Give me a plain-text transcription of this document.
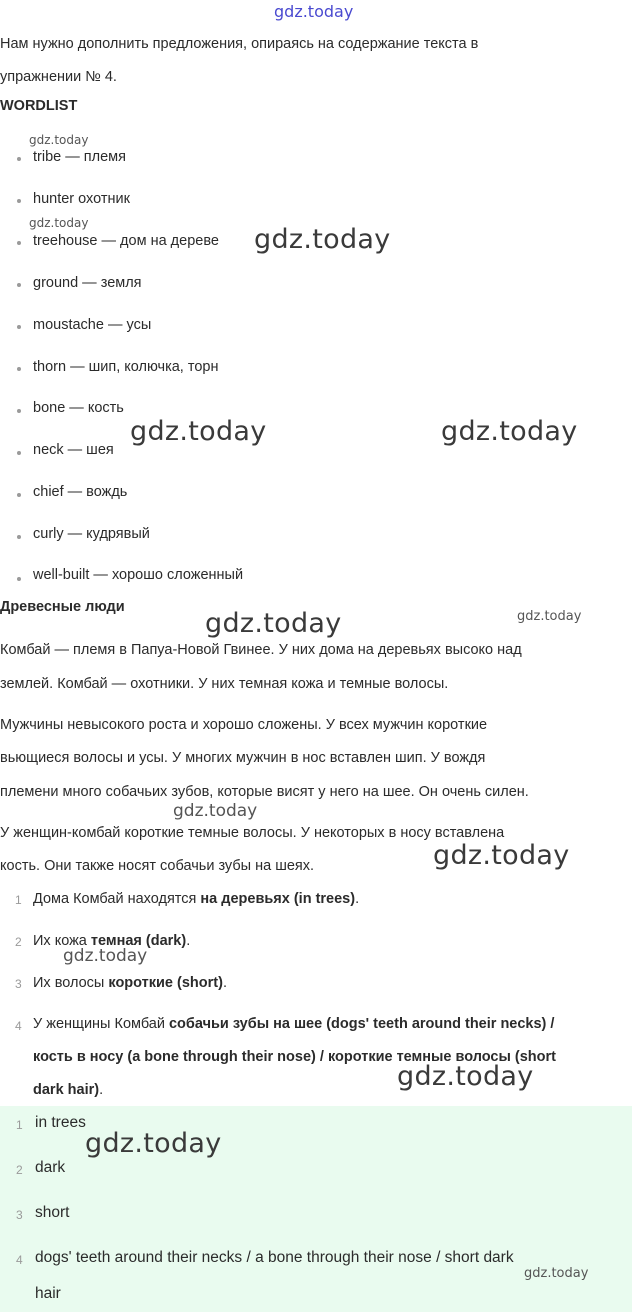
gdz.today
Нам нужно дополнить предложения, опираясь на содержание текста в
упражнении № 4.
WORDLIST
gdz.today
tribe — племя
hunter охотник
gdz.today
treehouse — дом на дереве
ground — земля
moustache — усы
thorn — шип, колючка, торн
bone — кость
neck — шея
chief — вождь
curly — кудрявый
well-built — хорошо сложенный
gdz.today
gdz.today	gdz.today
Древесные люди
gdz.today
gdz.today
Комбай — племя в Папуа-Новой Гвинее. У них дома на деревьях высоко над
землей. Комбай — охотники. У них темная кожа и темные волосы.
Мужчины невысокого роста и хорошо сложены. У всех мужчин короткие
вьющиеся волосы и усы. У многих мужчин в нос вставлен шип. У вождя
племени много собачьих зубов, которые висят у него на шее. Он очень силен.
gdz.today
У женщин-комбай короткие темные волосы. У некоторых в носу вставлена
кость. Они также носят собачьи зубы на шеях.	gdz.today
1 Дома Комбай находятся на деревьях (in trees).
2 Их кожа темная (dark).
gdz.today
3 Их волосы короткие (short).
4 У женщины Комбай собачьи зубы на шее (dogs' teeth around their necks) /
кость в носу (a bone through their nose) / короткие темные волосы (short
dark hair).	gdz.today
1 in trees
gdz.today
2 dark
3 short
4 dogs' teeth around their necks / a bone through their nose / short dark
gdz.today
hair
